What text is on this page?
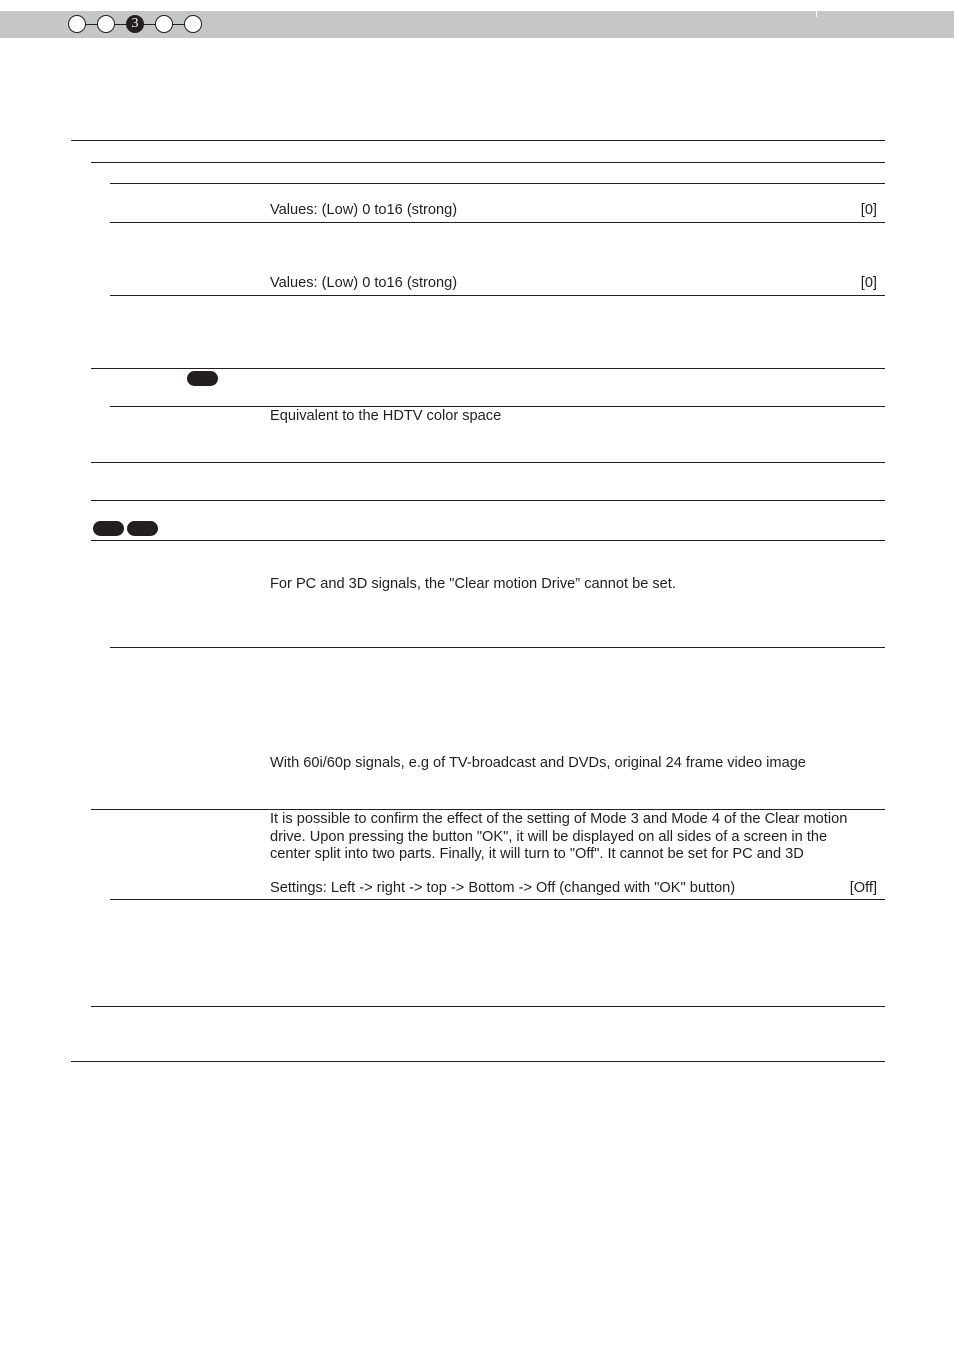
3
Values: (Low) 0 to16 (strong)	[0]
Values: (Low) 0 to16 (strong)	[0]
Equivalent to the HDTV color space
For PC and 3D signals, the "Clear motion Drive” cannot be set.
With 60i/60p signals, e.g of TV-broadcast and DVDs, original 24 frame video image
It is possible to confirm the effect of the setting of Mode 3 and Mode 4 of the Clear motion
drive. Upon pressing the button "OK", it will be displayed on all sides of a screen in the
center split into two parts. Finally, it will turn to "Off". It cannot be set for PC and 3D
Settings: Left -> right -> top -> Bottom -> Off (changed with "OK" button)	[Off]
